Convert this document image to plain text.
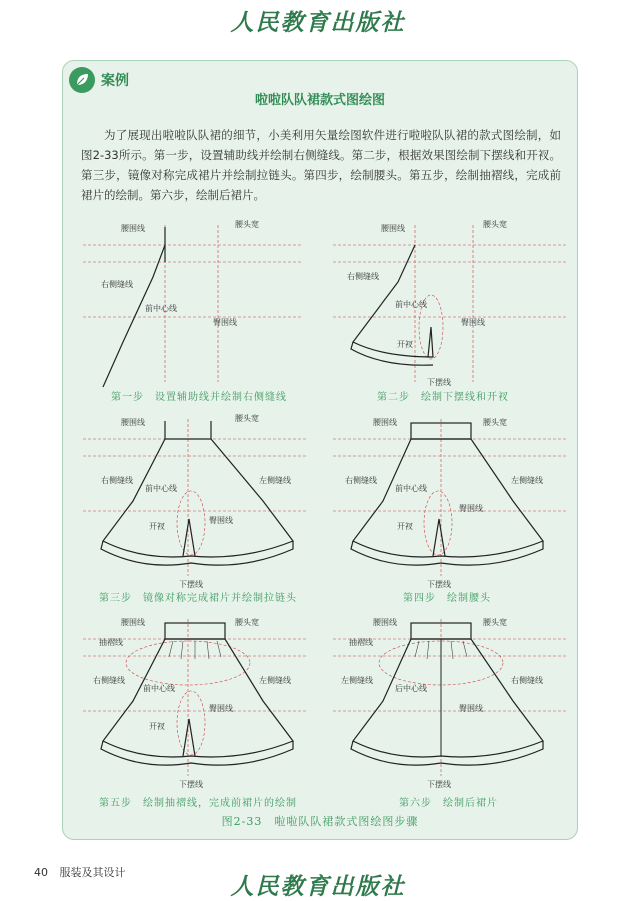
人民教育出版社
案例
啦啦队队裙款式图绘图
为了展现出啦啦队队裙的细节，小美利用矢量绘图软件进行啦啦队队裙的款式图绘制，如图2-33所示。第一步，设置辅助线并绘制右侧缝线。第二步，根据效果图绘制下摆线和开衩。第三步，镜像对称完成裙片并绘制拉链头。第四步，绘制腰头。第五步，绘制抽褶线，完成前裙片的绘制。第六步，绘制后裙片。
腰围线	腰头宽
右侧缝线
前中心线
臀围线
第一步　设置辅助线并绘制右侧缝线
腰围线	腰头宽
右侧缝线
前中心线
臀围线
开衩
下摆线
第二步　绘制下摆线和开衩
腰围线	腰头宽
右侧缝线	左侧缝线
前中心线
臀围线
开衩
下摆线
第三步　镜像对称完成裙片并绘制拉链头
腰围线	腰头宽
右侧缝线	左侧缝线
前中心线
臀围线
开衩
下摆线
第四步　绘制腰头
腰围线	腰头宽
抽褶线
右侧缝线	左侧缝线
前中心线
臀围线
开衩
下摆线
第五步　绘制抽褶线，完成前裙片的绘制
腰围线	腰头宽
抽褶线
左侧缝线	右侧缝线
后中心线
臀围线
下摆线
第六步　绘制后裙片
图2-33　啦啦队队裙款式图绘图步骤
40 服装及其设计
人民教育出版社
